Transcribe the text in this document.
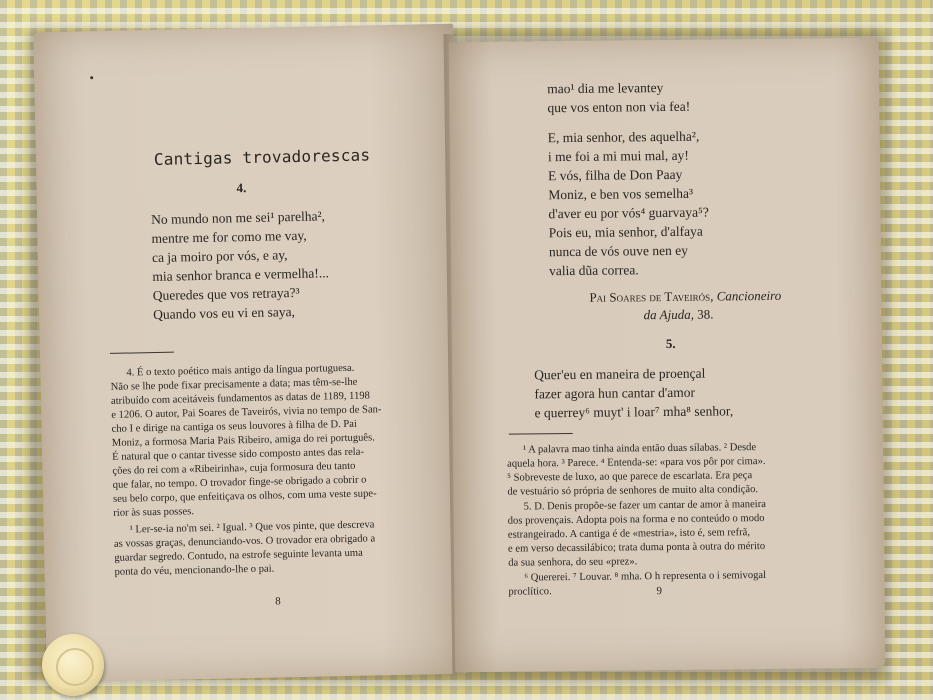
Cantigas trovadorescas
4.
No mundo non me sei¹ parelha²,
mentre me for como me vay,
ca ja moiro por vós, e ay,
mia senhor branca e vermelha!...
Queredes que vos retraya?³
Quando vos eu vi en saya,
4. É o texto poético mais antigo da língua portuguesa.
Não se lhe pode fixar precisamente a data; mas têm-se-lhe
atribuído com aceitáveis fundamentos as datas de 1189, 1198
e 1206. O autor, Pai Soares de Taveirós, vivia no tempo de San-
cho I e dirige na cantiga os seus louvores à filha de D. Pai
Moniz, a formosa Maria Pais Ribeiro, amiga do rei português.
É natural que o cantar tivesse sido composto antes das rela-
ções do rei com a «Ribeirinha», cuja formosura deu tanto
que falar, no tempo. O trovador finge-se obrigado a cobrir o
seu belo corpo, que enfeitiçava os olhos, com uma veste supe-
rior às suas posses.
¹ Ler-se-ia no'm sei. ² Igual. ³ Que vos pinte, que descreva
as vossas graças, denunciando-vos. O trovador era obrigado a
guardar segredo. Contudo, na estrofe seguinte levanta uma
ponta do véu, mencionando-lhe o pai.
8
mao¹ dia me levantey
que vos enton non via fea!
E, mia senhor, des aquelha²,
i me foi a mi mui mal, ay!
E vós, filha de Don Paay
Moniz, e ben vos semelha³
d'aver eu por vós⁴ guarvaya⁵?
Pois eu, mia senhor, d'alfaya
nunca de vós ouve nen ey
valia dũa correa.
Pai Soares de Taveirós, Cancioneiro
da Ajuda, 38.
5.
Quer'eu en maneira de proençal
fazer agora hun cantar d'amor
e querrey⁶ muyt' i loar⁷ mha⁸ senhor,
¹ A palavra mao tinha ainda então duas sílabas. ² Desde
aquela hora. ³ Parece. ⁴ Entenda-se: «para vos pôr por cima».
⁵ Sobreveste de luxo, ao que parece de escarlata. Era peça
de vestuário só própria de senhores de muito alta condição.
5. D. Denis propõe-se fazer um cantar de amor à maneira
dos provençais. Adopta pois na forma e no conteúdo o modo
estrangeirado. A cantiga é de «mestria», isto é, sem refrã,
e em verso decassilábico; trata duma ponta à outra do mérito
da sua senhora, do seu «prez».
⁶ Quererei. ⁷ Louvar. ⁸ mha. O h representa o i semivogal
proclítico.	9
